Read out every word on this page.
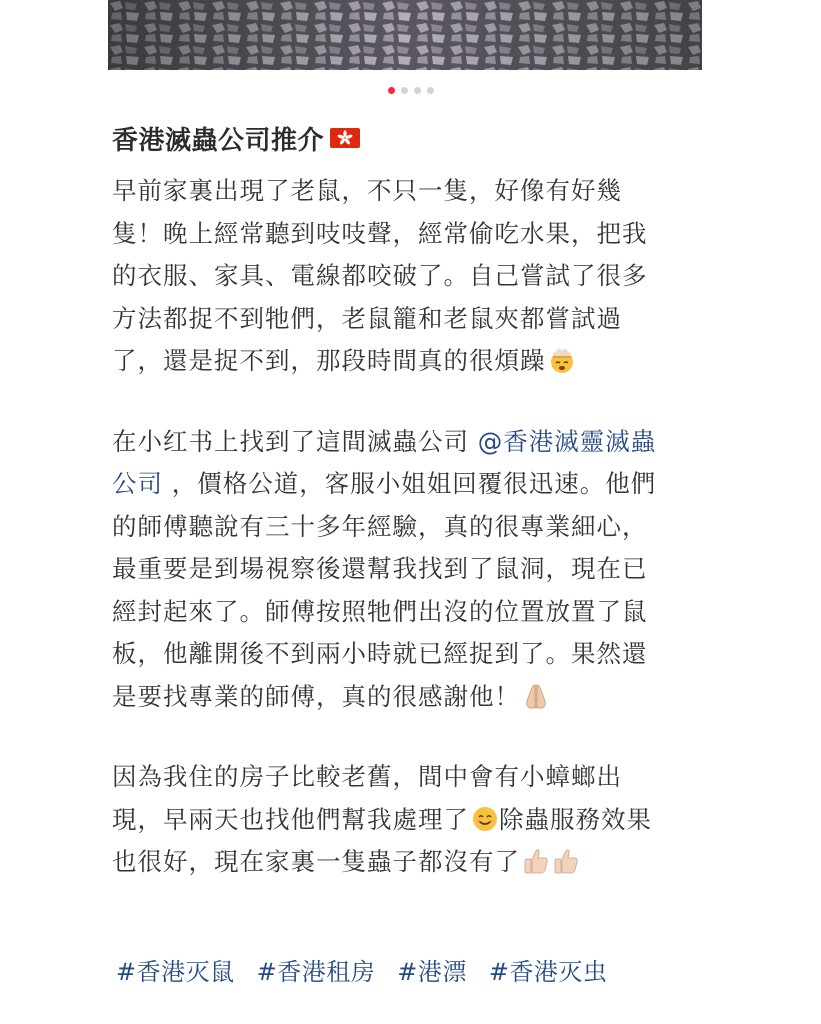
香港滅蟲公司推介
早前家裏出現了老鼠，不只一隻，好像有好幾
隻！晚上經常聽到吱吱聲，經常偷吃水果，把我
的衣服、家具、電線都咬破了。自己嘗試了很多
方法都捉不到牠們，老鼠籠和老鼠夾都嘗試過
了，還是捉不到，那段時間真的很煩躁
在小红书上找到了這間滅蟲公司 @香港滅靈滅蟲
公司 ，價格公道，客服小姐姐回覆很迅速。他們
的師傅聽說有三十多年經驗，真的很專業細心，
最重要是到場視察後還幫我找到了鼠洞，現在已
經封起來了。師傅按照牠們出沒的位置放置了鼠
板，他離開後不到兩小時就已經捉到了。果然還
是要找專業的師傅，真的很感謝他！
因為我住的房子比較老舊，間中會有小蟑螂出
現，早兩天也找他們幫我處理了 除蟲服務效果
也很好，現在家裏一隻蟲子都沒有了
#香港灭鼠 #香港租房 #港漂 #香港灭虫
